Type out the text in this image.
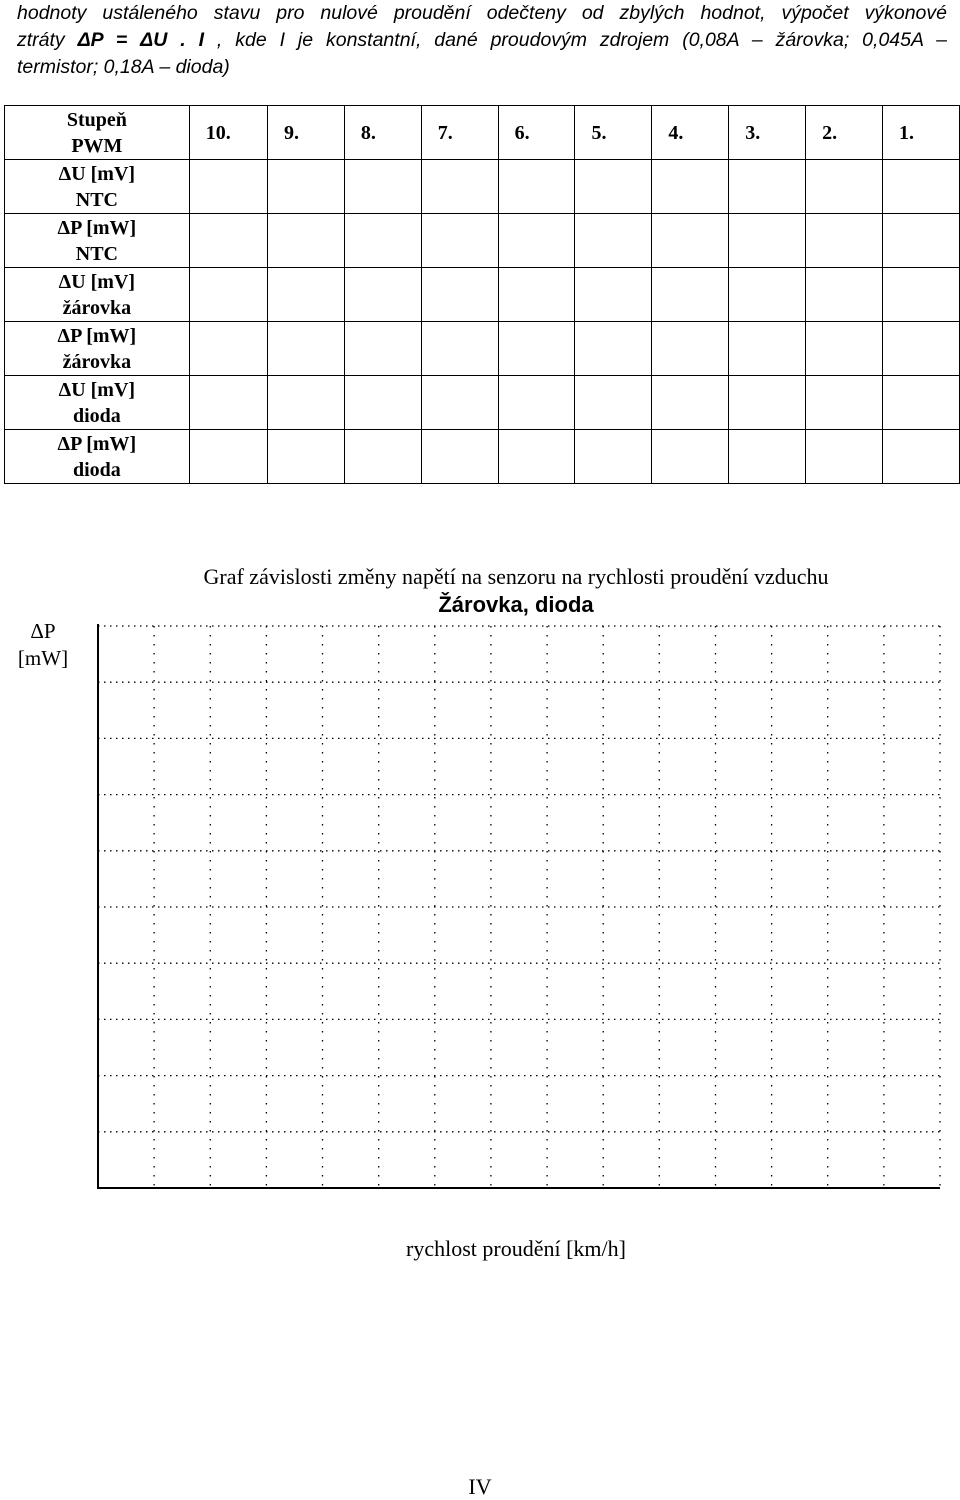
hodnoty ustáleného stavu pro nulové proudění odečteny od zbylých hodnot, výpočet výkonové
ztráty ΔP = ΔU . I , kde I je konstantní, dané proudovým zdrojem (0,08A – žárovka; 0,045A –
termistor; 0,18A – dioda)
Stupeň
PWM	10.	9.	8.	7.	6.	5.	4.	3.	2.	1.

ΔU [mV]
NTC										

ΔP [mW]
NTC										

ΔU [mV]
žárovka										

ΔP [mW]
žárovka										

ΔU [mV]
dioda										

ΔP [mW]
dioda										

Graf závislosti změny napětí na senzoru na rychlosti proudění vzduchu
Žárovka, dioda
ΔP
[mW]
rychlost proudění [km/h]
IV
